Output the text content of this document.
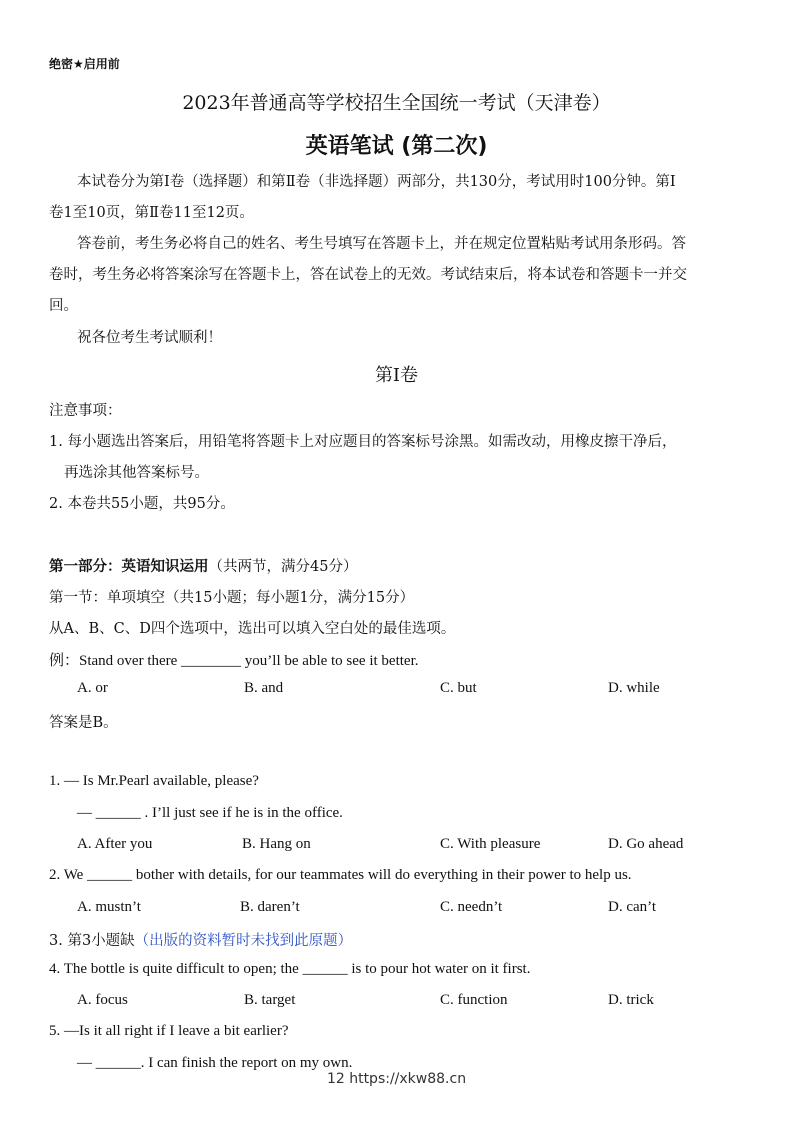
绝密★启用前
2023年普通高等学校招生全国统一考试（天津卷）
英语笔试 (第二次)
本试卷分为第Ⅰ卷（选择题）和第Ⅱ卷（非选择题）两部分，共130分，考试用时100分钟。第Ⅰ
卷1至10页，第Ⅱ卷11至12页。
答卷前，考生务必将自己的姓名、考生号填写在答题卡上，并在规定位置粘贴考试用条形码。答
卷时，考生务必将答案涂写在答题卡上，答在试卷上的无效。考试结束后，将本试卷和答题卡一并交
回。
祝各位考生考试顺利！
第Ⅰ卷
注意事项：
1. 每小题选出答案后，用铅笔将答题卡上对应题目的答案标号涂黑。如需改动，用橡皮擦干净后，
再选涂其他答案标号。
2. 本卷共55小题，共95分。
第一部分：英语知识运用（共两节，满分45分）
第一节：单项填空（共15小题；每小题1分，满分15分）
从A、B、C、D四个选项中，选出可以填入空白处的最佳选项。
例：Stand over there ________ you’ll be able to see it better.
A. or	B. and	C. but	D. while
答案是B。
1. — Is Mr.Pearl available, please?
— ______ . I’ll just see if he is in the office.
A. After you	B. Hang on	C. With pleasure	D. Go ahead
2. We ______ bother with details, for our teammates will do everything in their power to help us.
A. mustn’t	B. daren’t	C. needn’t	D. can’t
3. 第3小题缺（出版的资料暂时未找到此原题）
4. The bottle is quite difficult to open; the ______ is to pour hot water on it first.
A. focus	B. target	C. function	D. trick
5. —Is it all right if I leave a bit earlier?
— ______. I can finish the report on my own.
12 https://xkw88.cn
